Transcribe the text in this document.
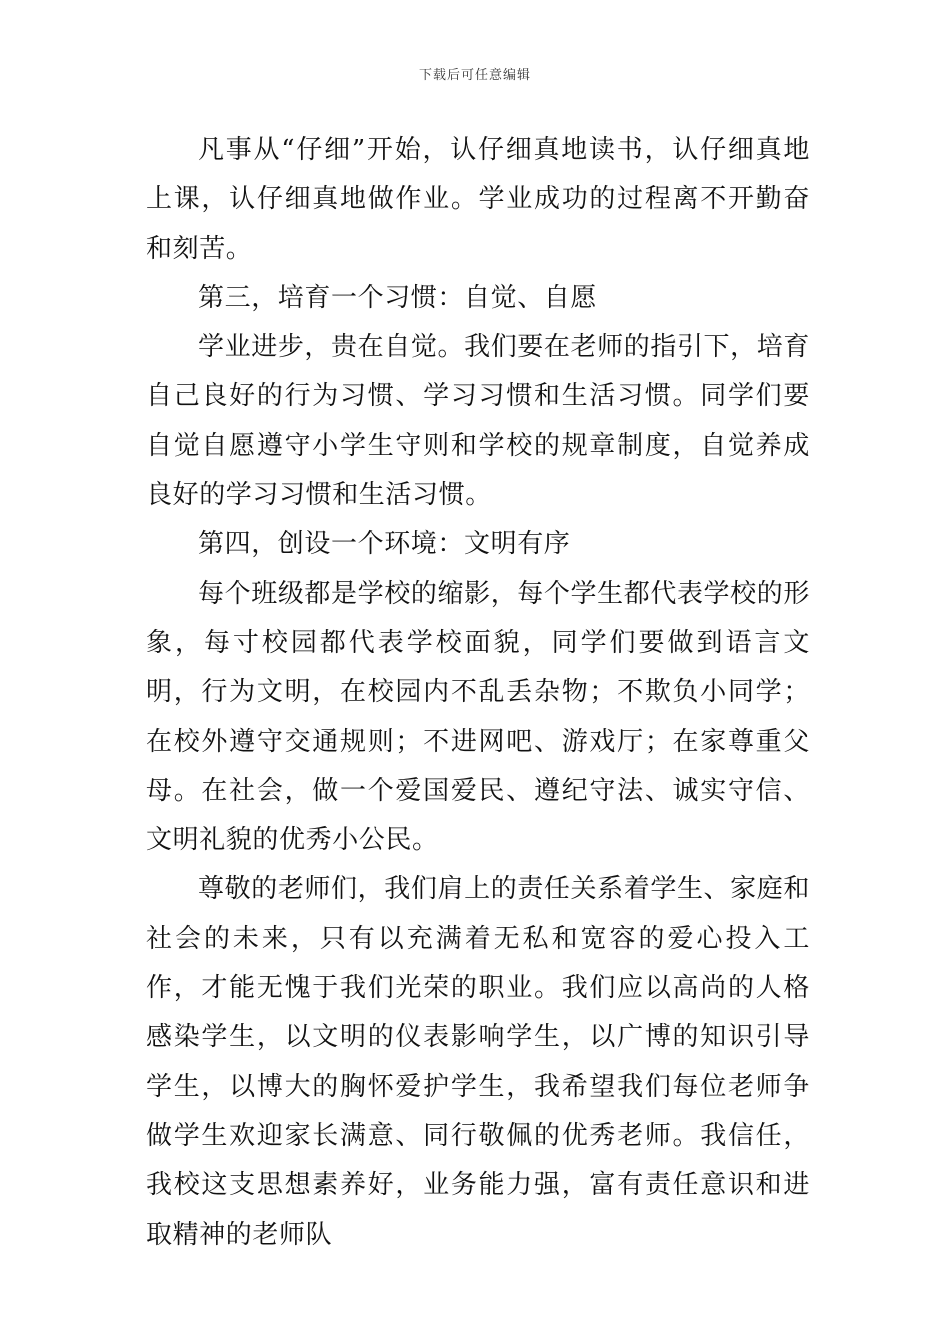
下载后可任意编辑

凡事从“仔细”开始，认仔细真地读书，认仔细真地上课，认仔细真地做作业。学业成功的过程离不开勤奋和刻苦。

第三，培育一个习惯：自觉、自愿

学业进步，贵在自觉。我们要在老师的指引下，培育自己良好的行为习惯、学习习惯和生活习惯。同学们要自觉自愿遵守小学生守则和学校的规章制度，自觉养成良好的学习习惯和生活习惯。

第四，创设一个环境：文明有序

每个班级都是学校的缩影，每个学生都代表学校的形象，每寸校园都代表学校面貌，同学们要做到语言文明，行为文明，在校园内不乱丢杂物；不欺负小同学；在校外遵守交通规则；不进网吧、游戏厅；在家尊重父母。在社会，做一个爱国爱民、遵纪守法、诚实守信、文明礼貌的优秀小公民。

尊敬的老师们，我们肩上的责任关系着学生、家庭和社会的未来，只有以充满着无私和宽容的爱心投入工作，才能无愧于我们光荣的职业。我们应以高尚的人格感染学生，以文明的仪表影响学生，以广博的知识引导学生，以博大的胸怀爱护学生，我希望我们每位老师争做学生欢迎家长满意、同行敬佩的优秀老师。我信任，我校这支思想素养好，业务能力强，富有责任意识和进取精神的老师队
